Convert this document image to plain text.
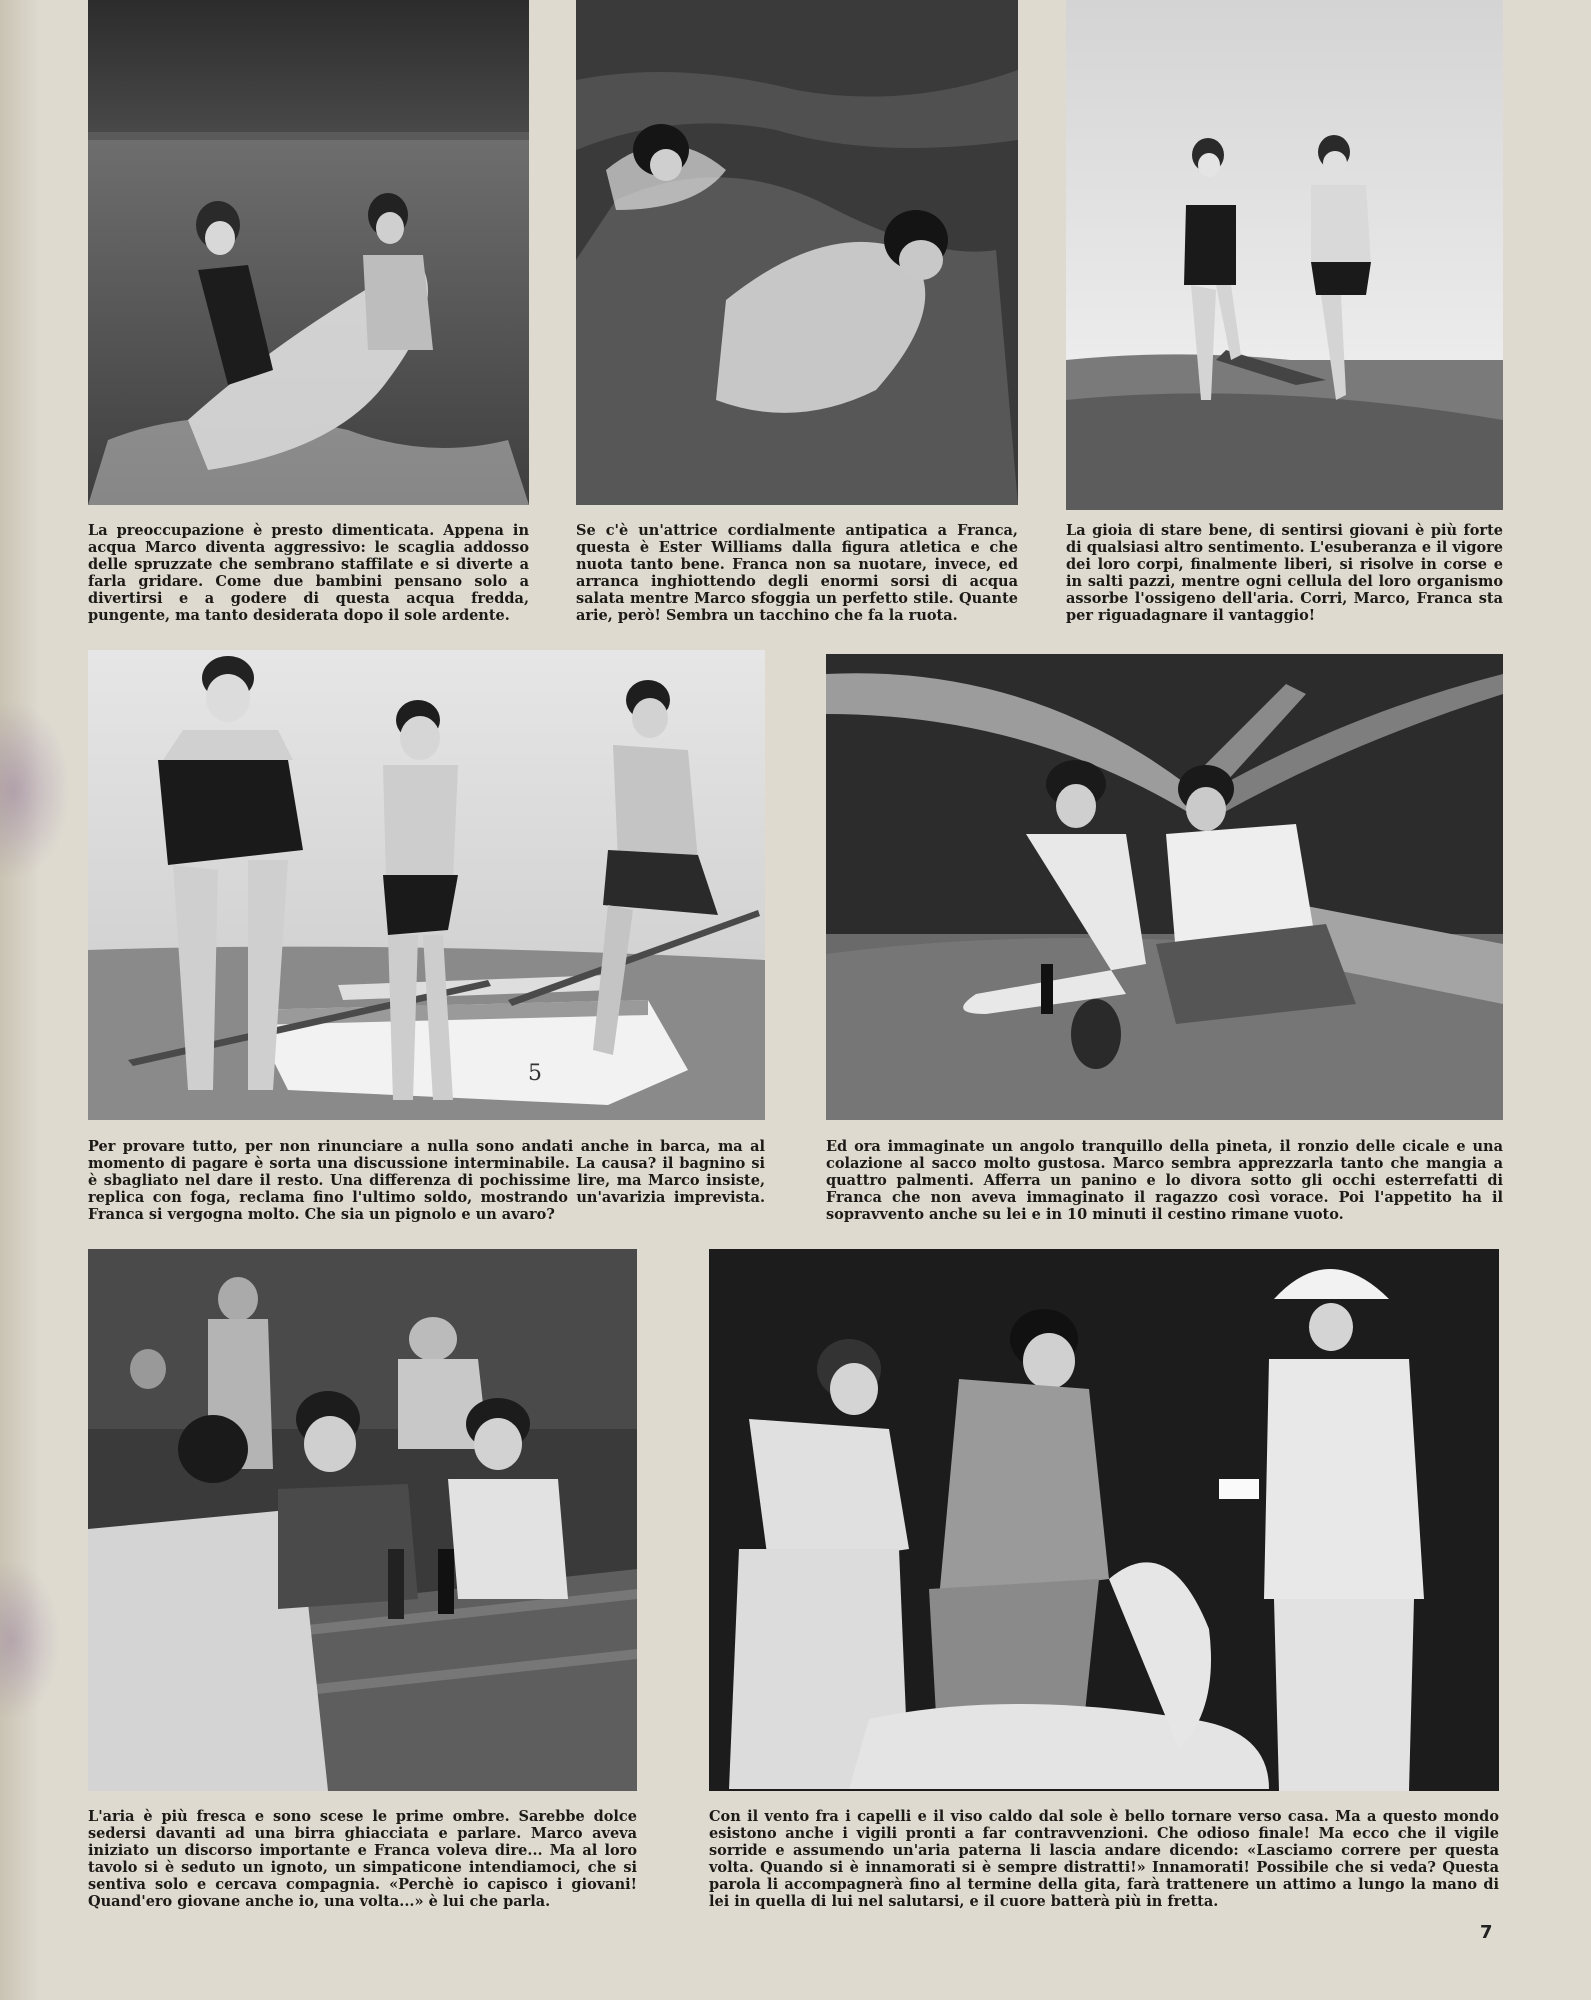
La preoccupazione è presto dimenticata. Appena in acqua Marco diventa aggressivo: le scaglia addosso delle spruzzate che sembrano staffilate e si diverte a farla gridare. Come due bambini pensano solo a divertirsi e a godere di questa acqua fredda, pungente, ma tanto desiderata dopo il sole ardente.

Se c'è un'attrice cordialmente antipatica a Franca, questa è Ester Williams dalla figura atletica e che nuota tanto bene. Franca non sa nuotare, invece, ed arranca inghiottendo degli enormi sorsi di acqua salata mentre Marco sfoggia un perfetto stile. Quante arie, però! Sembra un tacchino che fa la ruota.

La gioia di stare bene, di sentirsi giovani è più forte di qualsiasi altro sentimento. L'esuberanza e il vigore dei loro corpi, finalmente liberi, si risolve in corse e in salti pazzi, mentre ogni cellula del loro organismo assorbe l'ossigeno dell'aria. Corri, Marco, Franca sta per riguadagnare il vantaggio!

5

Per provare tutto, per non rinunciare a nulla sono andati anche in barca, ma al momento di pagare è sorta una discussione interminabile. La causa? il bagnino si è sbagliato nel dare il resto. Una differenza di pochissime lire, ma Marco insiste, replica con foga, reclama fino l'ultimo soldo, mostrando un'avarizia imprevista. Franca si vergogna molto. Che sia un pignolo e un avaro?

Ed ora immaginate un angolo tranquillo della pineta, il ronzio delle cicale e una colazione al sacco molto gustosa. Marco sembra apprezzarla tanto che mangia a quattro palmenti. Afferra un panino e lo divora sotto gli occhi esterrefatti di Franca che non aveva immaginato il ragazzo così vorace. Poi l'appetito ha il sopravvento anche su lei e in 10 minuti il cestino rimane vuoto.

L'aria è più fresca e sono scese le prime ombre. Sarebbe dolce sedersi davanti ad una birra ghiacciata e parlare. Marco aveva iniziato un discorso importante e Franca voleva dire... Ma al loro tavolo si è seduto un ignoto, un simpaticone intendiamoci, che si sentiva solo e cercava compagnia. «Perchè io capisco i giovani! Quand'ero giovane anche io, una volta...» è lui che parla.

Con il vento fra i capelli e il viso caldo dal sole è bello tornare verso casa. Ma a questo mondo esistono anche i vigili pronti a far contravvenzioni. Che odioso finale! Ma ecco che il vigile sorride e assumendo un'aria paterna li lascia andare dicendo: «Lasciamo correre per questa volta. Quando si è innamorati si è sempre distratti!» Innamorati! Possibile che si veda? Questa parola li accompagnerà fino al termine della gita, farà trattenere un attimo a lungo la mano di lei in quella di lui nel salutarsi, e il cuore batterà più in fretta.

7
